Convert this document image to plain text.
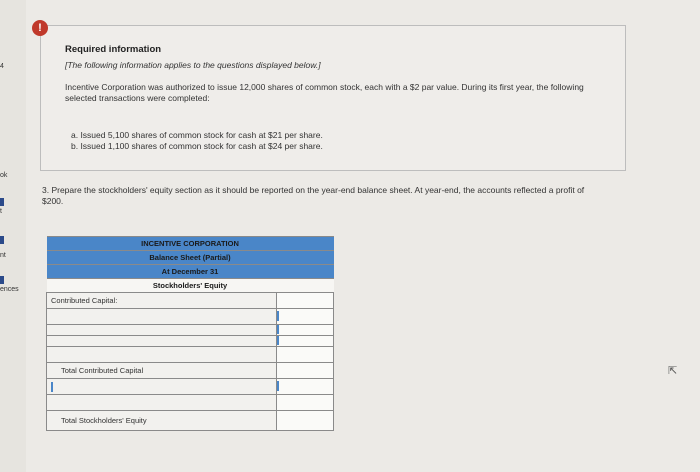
4
ok
t
nt
ences
Required information
[The following information applies to the questions displayed below.]
Incentive Corporation was authorized to issue 12,000 shares of common stock, each with a $2 par value. During its first year, the following selected transactions were completed:
a. Issued 5,100 shares of common stock for cash at $21 per share.
b. Issued 1,100 shares of common stock for cash at $24 per share.
!
3. Prepare the stockholders' equity section as it should be reported on the year-end balance sheet. At year-end, the accounts reflected a profit of $200.
INCENTIVE CORPORATION	
Balance Sheet (Partial)	
At December 31	
Stockholders' Equity	
Contributed Capital:	

Total Contributed Capital	

Total Stockholders' Equity	
⇱
